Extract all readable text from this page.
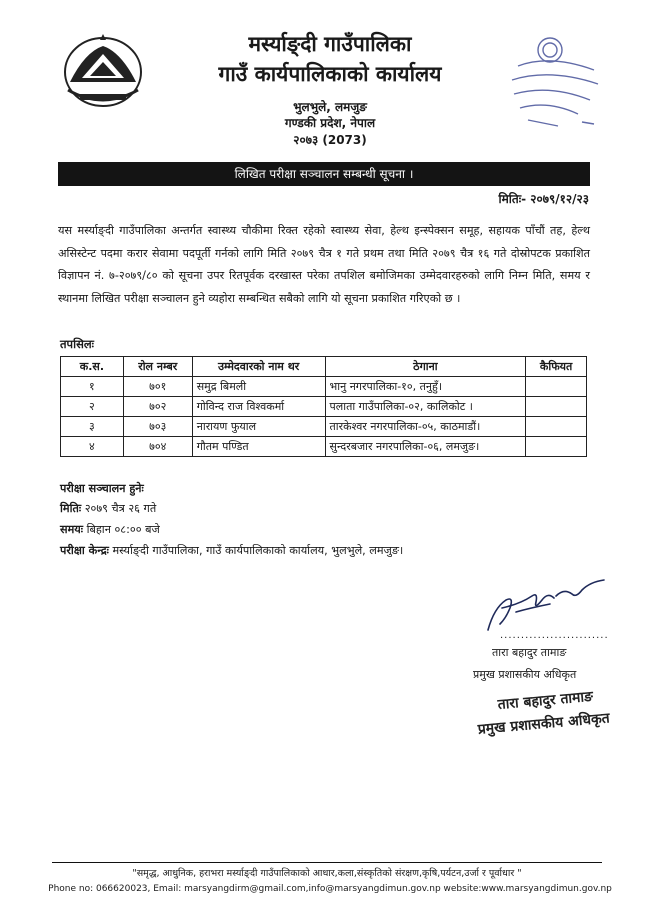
मर्स्याङ्दी गाउँपालिका
गाउँ कार्यपालिकाको कार्यालय
भुलभुले, लमजुङ
गण्डकी प्रदेश, नेपाल
२०७३ (2073)
लिखित परीक्षा सञ्चालन सम्बन्धी सूचना ।
मितिः- २०७९/१२/२३
यस मर्स्याङ्दी गाउँपालिका अन्तर्गत स्वास्थ्य चौकीमा रिक्त रहेको स्वास्थ्य सेवा, हेल्थ इन्स्पेक्सन समूह, सहायक पाँचौं तह, हेल्थ असिस्टेन्ट पदमा करार सेवामा पदपूर्ती गर्नको लागि मिति २०७९ चैत्र १ गते प्रथम तथा मिति २०७९ चैत्र १६ गते दोस्रोपटक प्रकाशित विज्ञापन नं. ७-२०७९/८० को सूचना उपर रितपूर्वक दरखास्त परेका तपशिल बमोजिमका उम्मेदवारहरुको लागि निम्न मिति, समय र स्थानमा लिखित परीक्षा सञ्चालन हुने व्यहोरा सम्बन्धित सबैको लागि यो सूचना प्रकाशित गरिएको छ ।
तपसिलः
क.स.	रोल नम्बर	उम्मेदवारको नाम थर	ठेगाना	कैफियत
१	७०१	समुद्र बिमली	भानु नगरपालिका-१०, तनुहुँ।	
२	७०२	गोविन्द राज विश्वकर्मा	पलाता गाउँपालिका-०२, कालिकोट ।	
३	७०३	नारायण फुयाल	तारकेश्वर नगरपालिका-०५, काठमाडौं।	
४	७०४	गौतम पण्डित	सुन्दरबजार नगरपालिका-०६, लमजुङ।	
परीक्षा सञ्चालन हुनेः
मितिः २०७९ चैत्र २६ गते
समयः बिहान ०८:०० बजे
परीक्षा केन्द्रः मर्स्याङ्दी गाउँपालिका, गाउँ कार्यपालिकाको कार्यालय, भुलभुले, लमजुङ।
..........................
तारा बहादुर तामाङ
प्रमुख प्रशासकीय अधिकृत
तारा बहादुर तामाङ
प्रमुख प्रशासकीय अधिकृत
"समृद्ध, आधुनिक, हराभरा मर्स्याङ्दी गाउँपालिकाको आधार,कला,संस्कृतिको संरक्षण,कृषि,पर्यटन,उर्जा र पूर्वाधार "
Phone no: 066620023, Email: marsyangdirm@gmail.com,info@marsyangdimun.gov.np website:www.marsyangdimun.gov.np
